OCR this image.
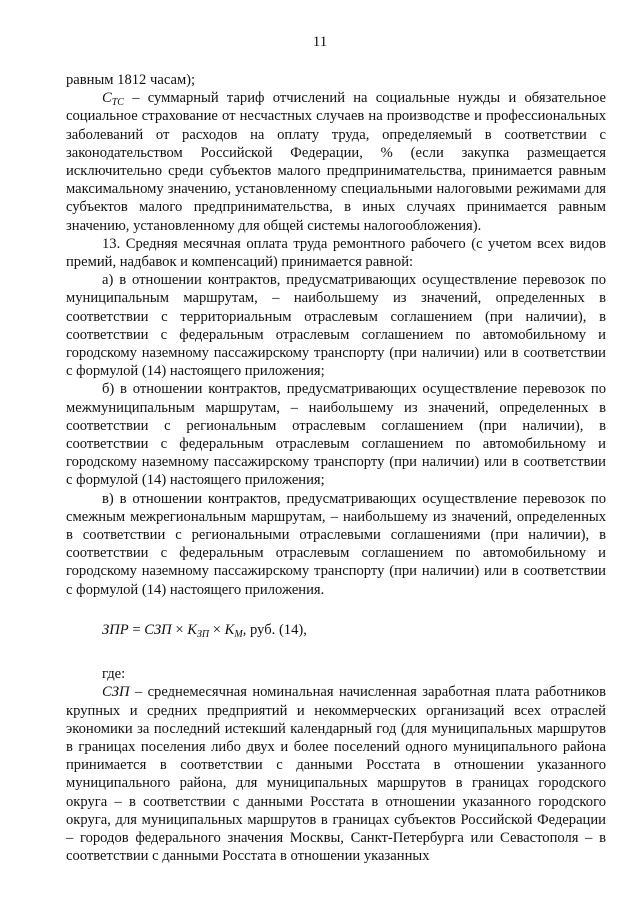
11

равным 1812 часам);

$C_{TC}$ – суммарный тариф отчислений на социальные нужды и обязательное социальное страхование от несчастных случаев на производстве и профессиональных заболеваний от расходов на оплату труда, определяемый в соответствии с законодательством Российской Федерации, % (если закупка размещается исключительно среди субъектов малого предпринимательства, принимается равным максимальному значению, установленному специальными налоговыми режимами для субъектов малого предпринимательства, в иных случаях принимается равным значению, установленному для общей системы налогообложения).

13. Средняя месячная оплата труда ремонтного рабочего (с учетом всех видов премий, надбавок и компенсаций) принимается равной:

а) в отношении контрактов, предусматривающих осуществление перевозок по муниципальным маршрутам, – наибольшему из значений, определенных в соответствии с территориальным отраслевым соглашением (при наличии), в соответствии с федеральным отраслевым соглашением по автомобильному и городскому наземному пассажирскому транспорту (при наличии) или в соответствии с формулой (14) настоящего приложения;

б) в отношении контрактов, предусматривающих осуществление перевозок по межмуниципальным маршрутам, – наибольшему из значений, определенных в соответствии с региональным отраслевым соглашением (при наличии), в соответствии с федеральным отраслевым соглашением по автомобильному и городскому наземному пассажирскому транспорту (при наличии) или в соответствии с формулой (14) настоящего приложения;

в) в отношении контрактов, предусматривающих осуществление перевозок по смежным межрегиональным маршрутам, – наибольшему из значений, определенных в соответствии с региональными отраслевыми соглашениями (при наличии), в соответствии с федеральным отраслевым соглашением по автомобильному и городскому наземному пассажирскому транспорту (при наличии) или в соответствии с формулой (14) настоящего приложения.

ЗПР = СЗП × $К_{ЗП} \times К_М$, руб. (14),

где:

СЗП – среднемесячная номинальная начисленная заработная плата работников крупных и средних предприятий и некоммерческих организаций всех отраслей экономики за последний истекший календарный год (для муниципальных маршрутов в границах поселения либо двух и более поселений одного муниципального района принимается в соответствии с данными Росстата в отношении указанного муниципального района, для муниципальных маршрутов в границах городского округа – в соответствии с данными Росстата в отношении указанного городского округа, для муниципальных маршрутов в границах субъектов Российской Федерации – городов федерального значения Москвы, Санкт-Петербурга или Севастополя – в соответствии с данными Росстата в отношении указанных
